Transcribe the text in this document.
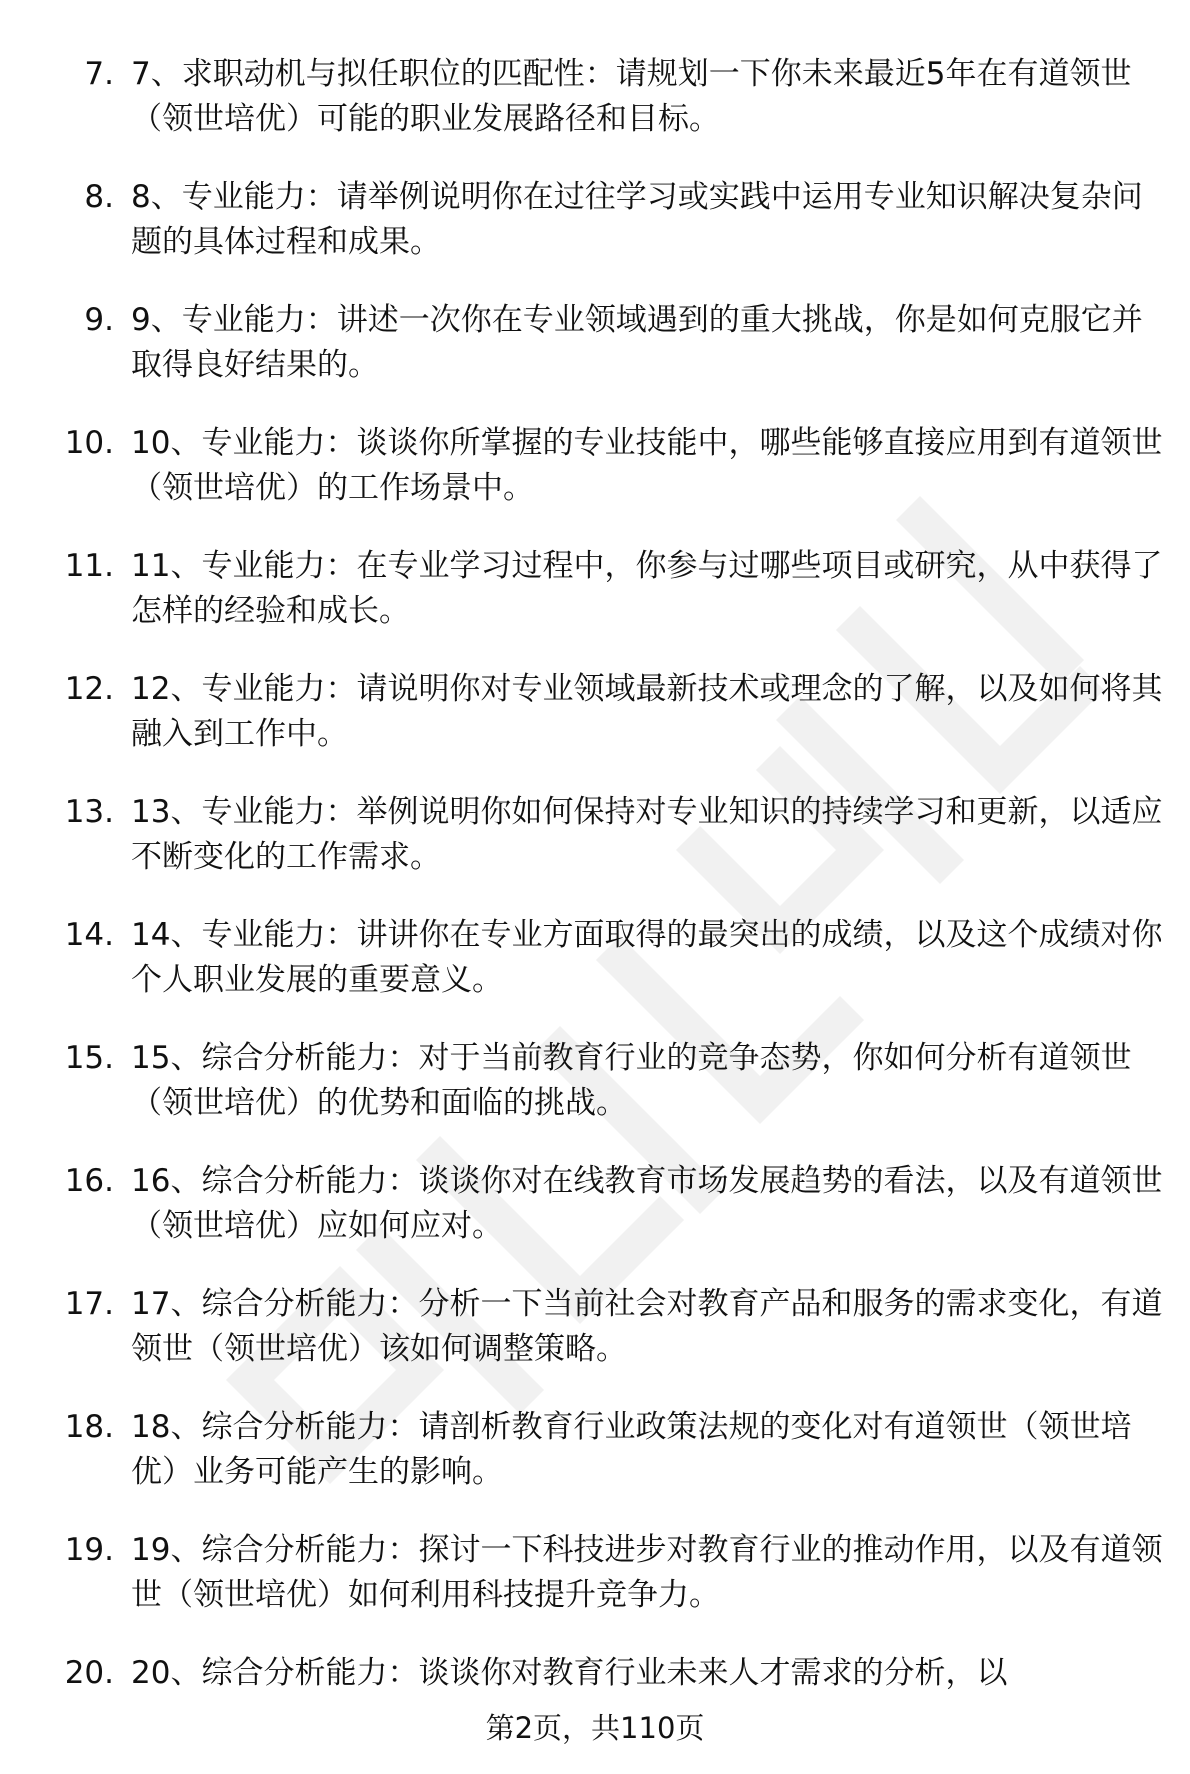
7. 7、求职动机与拟任职位的匹配性：请规划一下你未来最近5年在有道领世（领世培优）可能的职业发展路径和目标。
8. 8、专业能力：请举例说明你在过往学习或实践中运用专业知识解决复杂问题的具体过程和成果。
9. 9、专业能力：讲述一次你在专业领域遇到的重大挑战，你是如何克服它并取得良好结果的。
10. 10、专业能力：谈谈你所掌握的专业技能中，哪些能够直接应用到有道领世（领世培优）的工作场景中。
11. 11、专业能力：在专业学习过程中，你参与过哪些项目或研究，从中获得了怎样的经验和成长。
12. 12、专业能力：请说明你对专业领域最新技术或理念的了解，以及如何将其融入到工作中。
13. 13、专业能力：举例说明你如何保持对专业知识的持续学习和更新，以适应不断变化的工作需求。
14. 14、专业能力：讲讲你在专业方面取得的最突出的成绩，以及这个成绩对你个人职业发展的重要意义。
15. 15、综合分析能力：对于当前教育行业的竞争态势，你如何分析有道领世（领世培优）的优势和面临的挑战。
16. 16、综合分析能力：谈谈你对在线教育市场发展趋势的看法，以及有道领世（领世培优）应如何应对。
17. 17、综合分析能力：分析一下当前社会对教育产品和服务的需求变化，有道领世（领世培优）该如何调整策略。
18. 18、综合分析能力：请剖析教育行业政策法规的变化对有道领世（领世培优）业务可能产生的影响。
19. 19、综合分析能力：探讨一下科技进步对教育行业的推动作用，以及有道领世（领世培优）如何利用科技提升竞争力。
20. 20、综合分析能力：谈谈你对教育行业未来人才需求的分析，以
第2页，共110页
